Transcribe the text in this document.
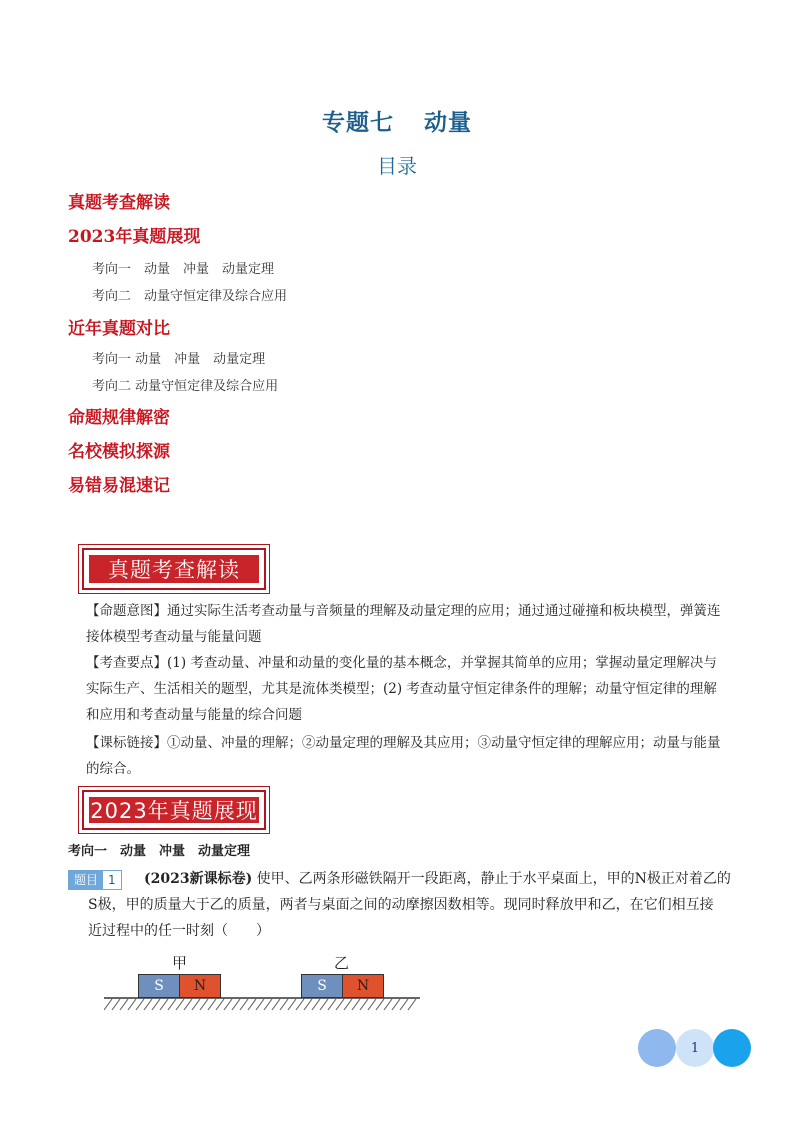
专题七 动量
目录
真题考查解读
2023年真题展现
考向一　动量　冲量　动量定理
考向二　动量守恒定律及综合应用
近年真题对比
考向一 动量　冲量　动量定理
考向二 动量守恒定律及综合应用
命题规律解密
名校模拟探源
易错易混速记
真题考查解读
【命题意图】通过实际生活考查动量与音频量的理解及动量定理的应用；通过通过碰撞和板块模型，弹簧连接体模型考查动量与能量问题
【考查要点】(1) 考查动量、冲量和动量的变化量的基本概念，并掌握其简单的应用；掌握动量定理解决与实际生产、生活相关的题型，尤其是流体类模型；(2) 考查动量守恒定律条件的理解；动量守恒定律的理解和应用和考查动量与能量的综合问题
【课标链接】①动量、冲量的理解；②动量定理的理解及其应用；③动量守恒定律的理解应用；动量与能量的综合。
2023年真题展现
考向一　动量　冲量　动量定理
题目 1	(2023新课标卷) 使甲、乙两条形磁铁隔开一段距离，静止于水平桌面上，甲的N极正对着乙的
S极，甲的质量大于乙的质量，两者与桌面之间的动摩擦因数相等。现同时释放甲和乙，在它们相互接
近过程中的任一时刻（　　）
甲	乙
S	N	S	N
1
